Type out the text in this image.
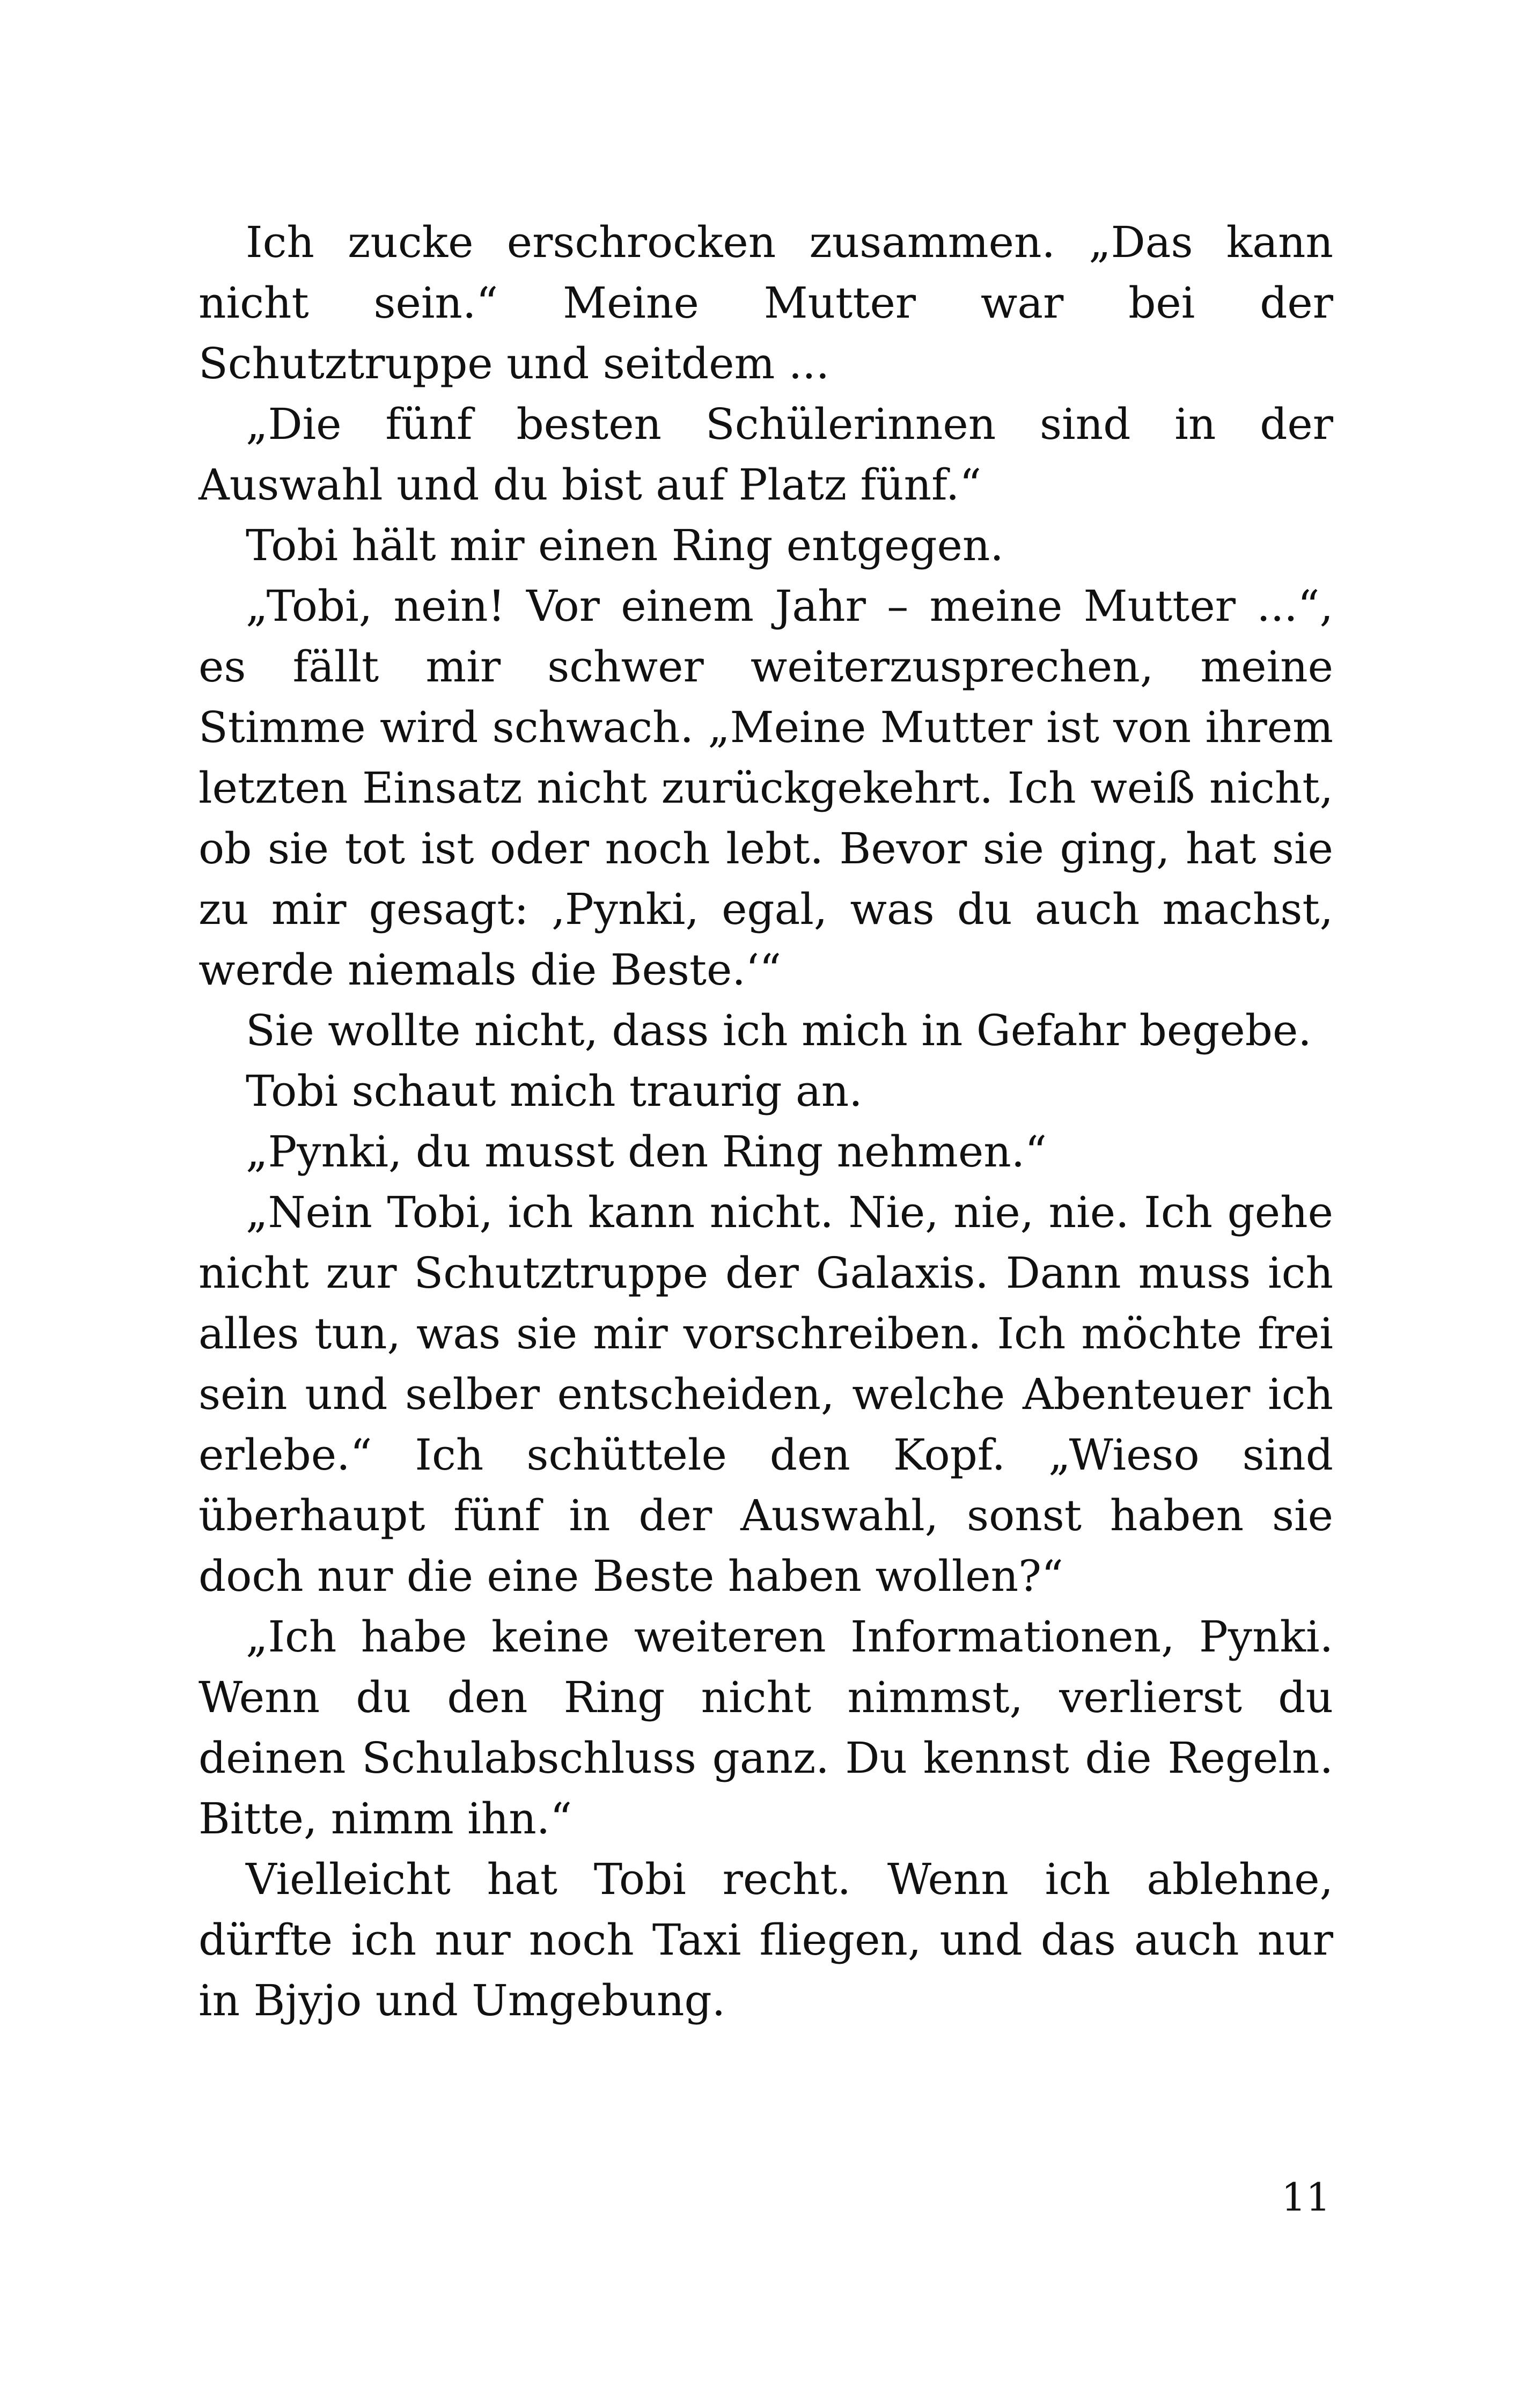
Ich zucke erschrocken zusammen. „Das kann nicht sein.“ Meine Mutter war bei der Schutztruppe und seitdem ...

„Die fünf besten Schülerinnen sind in der Auswahl und du bist auf Platz fünf.“

Tobi hält mir einen Ring entgegen.

„Tobi, nein! Vor einem Jahr – meine Mutter ...“, es fällt mir schwer weiterzusprechen, meine Stimme wird schwach. „Meine Mutter ist von ihrem letzten Einsatz nicht zurückgekehrt. Ich weiß nicht, ob sie tot ist oder noch lebt. Bevor sie ging, hat sie zu mir gesagt: ‚Pynki, egal, was du auch machst, werde niemals die Beste.‘“

Sie wollte nicht, dass ich mich in Gefahr begebe.

Tobi schaut mich traurig an.

„Pynki, du musst den Ring nehmen.“

„Nein Tobi, ich kann nicht. Nie, nie, nie. Ich gehe nicht zur Schutztruppe der Galaxis. Dann muss ich alles tun, was sie mir vorschreiben. Ich möchte frei sein und selber entscheiden, welche Abenteuer ich erlebe.“ Ich schüttele den Kopf. „Wieso sind überhaupt fünf in der Auswahl, sonst haben sie doch nur die eine Beste haben wollen?“

„Ich habe keine weiteren Informationen, Pynki. Wenn du den Ring nicht nimmst, verlierst du deinen Schulabschluss ganz. Du kennst die Regeln. Bitte, nimm ihn.“

Vielleicht hat Tobi recht. Wenn ich ablehne, dürfte ich nur noch Taxi fliegen, und das auch nur in Bjyjo und Umgebung.

11
